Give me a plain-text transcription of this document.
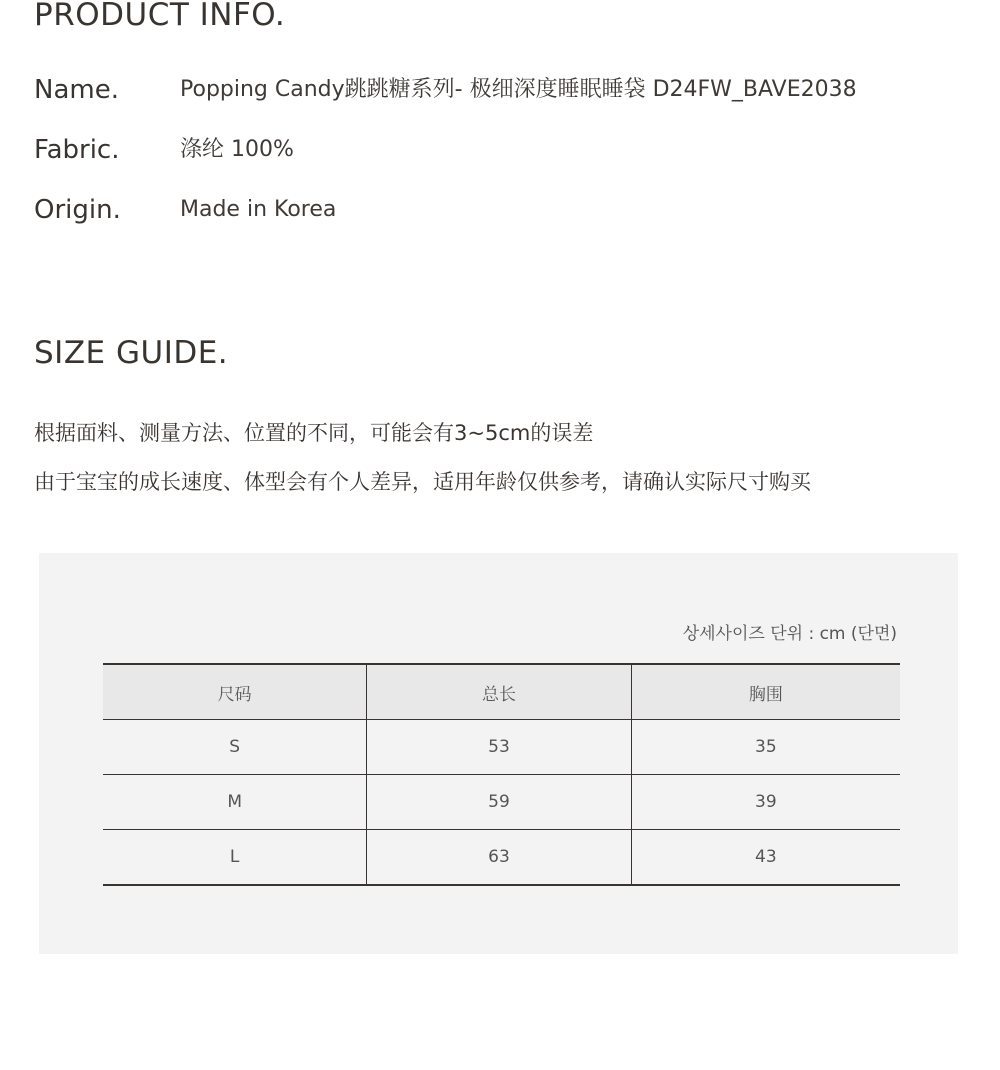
PRODUCT INFO.
Name.	Popping Candy跳跳糖系列- 极细深度睡眠睡袋 D24FW_BAVE2038
Fabric.	涤纶 100%
Origin.	Made in Korea
SIZE GUIDE.
根据面料、测量方法、位置的不同，可能会有3~5cm的误差
由于宝宝的成长速度、体型会有个人差异，适用年龄仅供参考，请确认实际尺寸购买
상세사이즈 단위 : cm (단면)
尺码	总长	胸围
S	53	35
M	59	39
L	63	43
